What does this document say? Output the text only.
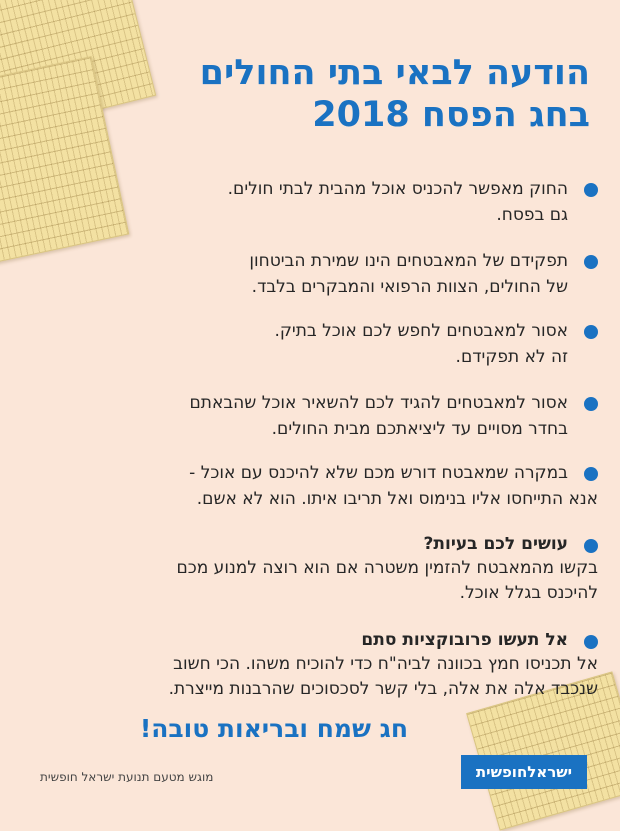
הודעה לבאי בתי החולים
בחג הפסח 2018
החוק מאפשר להכניס אוכל מהבית לבתי חולים.
גם בפסח.
תפקידם של המאבטחים הינו שמירת הביטחון
של החולים, הצוות הרפואי והמבקרים בלבד.
אסור למאבטחים לחפש לכם אוכל בתיק.
זה לא תפקידם.
אסור למאבטחים להגיד לכם להשאיר אוכל שהבאתם
בחדר מסויים עד ליציאתכם מבית החולים.
במקרה שמאבטח דורש מכם שלא להיכנס עם אוכל -
אנא התייחסו אליו בנימוס ואל תריבו איתו. הוא לא אשם.
עושים לכם בעיות?
בקשו מהמאבטח להזמין משטרה אם הוא רוצה למנוע מכם
להיכנס בגלל אוכל.
אל תעשו פרובוקציות סתם
אל תכניסו חמץ בכוונה לביה"ח כדי להוכיח משהו. הכי חשוב
שנכבד אלה את אלה, בלי קשר לסכסוכים שהרבנות מייצרת.
חג שמח ובריאות טובה!
מוגש מטעם תנועת ישראל חופשית	ישראלחופשית
